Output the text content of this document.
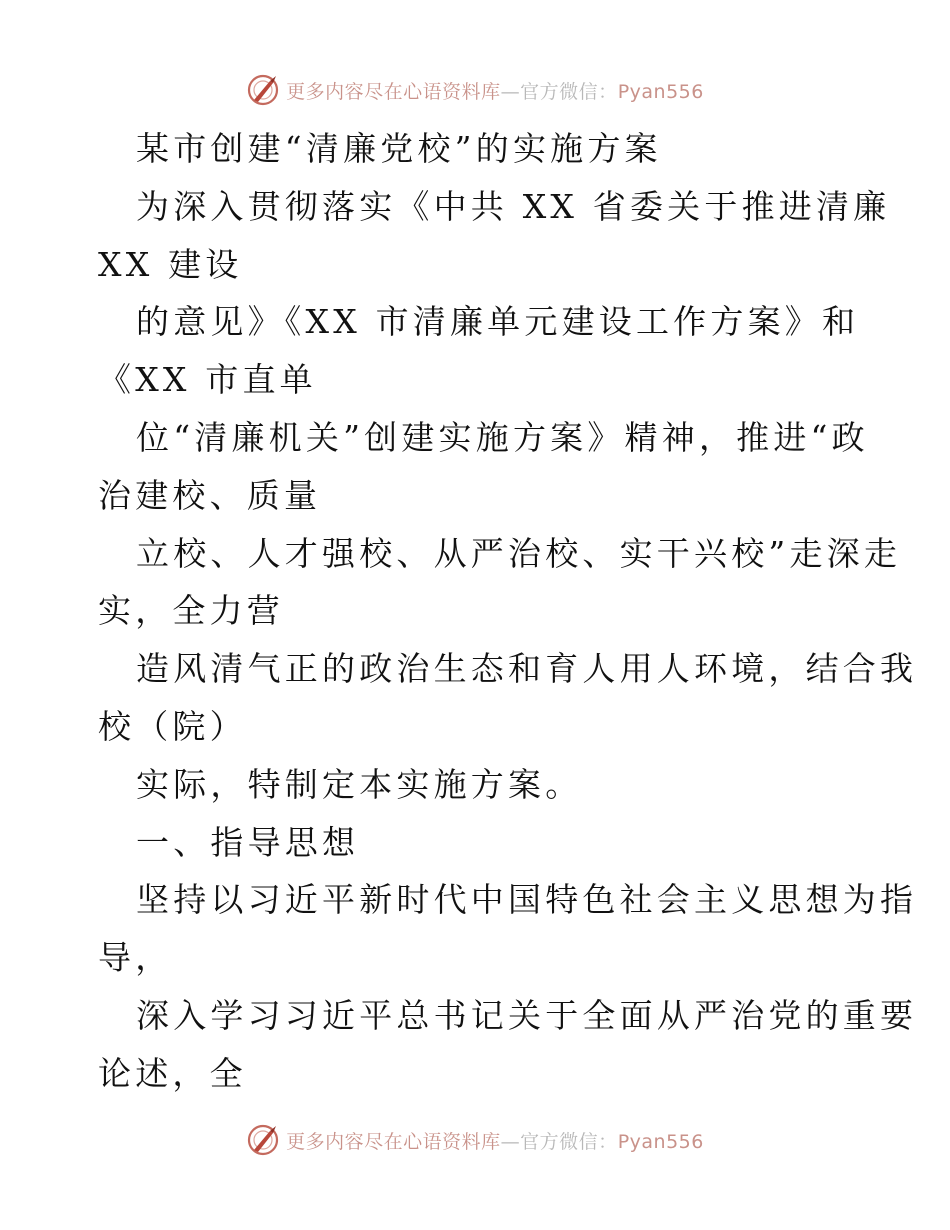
更多内容尽在心语资料库—官方微信：Pyan556
某市创建“清廉党校”的实施方案
为深入贯彻落实《中共 XX 省委关于推进清廉
XX 建设
的意见》《XX 市清廉单元建设工作方案》和
《XX 市直单
位“清廉机关”创建实施方案》精神，推进“政
治建校、质量
立校、人才强校、从严治校、实干兴校”走深走
实，全力营
造风清气正的政治生态和育人用人环境，结合我
校（院）
实际，特制定本实施方案。
一、指导思想
坚持以习近平新时代中国特色社会主义思想为指
导，
深入学习习近平总书记关于全面从严治党的重要
论述，全
更多内容尽在心语资料库—官方微信：Pyan556
